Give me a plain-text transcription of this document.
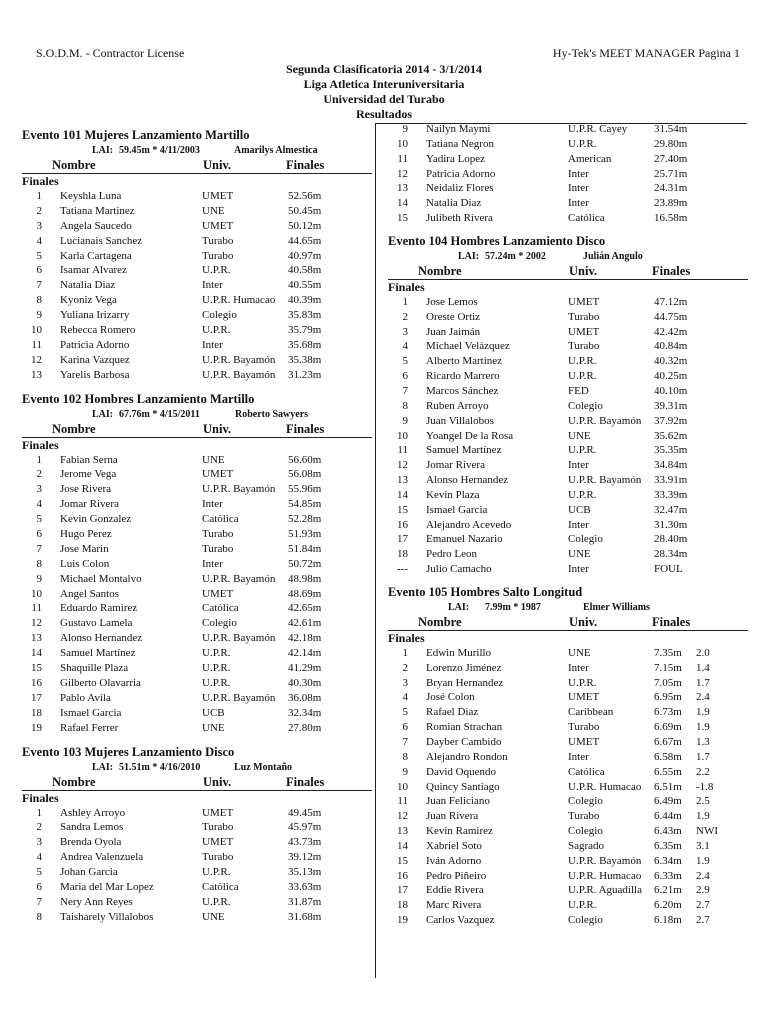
S.O.D.M. - Contractor License	Hy-Tek's MEET MANAGER Pagina 1
Segunda Clasificatoria 2014 - 3/1/2014
Liga Atletica Interuniversitaria
Universidad del Turabo
Resultados
Evento 101 Mujeres Lanzamiento Martillo
LAI: 59.45m * 4/11/2003	Amarilys Almestica
Nombre	Univ.	Finales
Finales
1 Keyshla Luna	UMET	52.56m
2 Tatiana Martinez	UNE	50.45m
3 Angela Saucedo	UMET	50.12m
4 Lucianais Sanchez	Turabo	44.65m
5 Karla Cartagena	Turabo	40.97m
6 Isamar Alvarez	U.P.R.	40.58m
7 Natalia Diaz	Inter	40.55m
8 Kyoniz Vega	U.P.R. Humacao 40.39m
9 Yuliana Irizarry	Colegio	35.83m
10 Rebecca Romero	U.P.R.	35.79m
11 Patricia Adorno	Inter	35.68m
12 Karina Vazquez	U.P.R. Bayamón 35.38m
13 Yarelis Barbosa	U.P.R. Bayamón 31.23m
Evento 102 Hombres Lanzamiento Martillo
LAI: 67.76m * 4/15/2011	Roberto Sawyers
Nombre	Univ.	Finales
Finales
1 Fabian Serna	UNE	56.60m
2 Jerome Vega	UMET	56.08m
3 Jose Rivera	U.P.R. Bayamón 55.96m
4 Jomar Rivera	Inter	54.85m
5 Kevin Gonzalez	Católica	52.28m
6 Hugo Perez	Turabo	51.93m
7 Jose Marin	Turabo	51.84m
8 Luis Colon	Inter	50.72m
9 Michael Montalvo	U.P.R. Bayamón 48.98m
10 Angel Santos	UMET	48.69m
11 Eduardo Ramirez	Católica	42.65m
12 Gustavo Lamela	Colegio	42.61m
13 Alonso Hernandez	U.P.R. Bayamón 42.18m
14 Samuel Martínez	U.P.R.	42.14m
15 Shaquille Plaza	U.P.R.	41.29m
16 Gilberto Olavarria	U.P.R.	40.30m
17 Pablo Avila	U.P.R. Bayamón 36.08m
18 Ismael Garcia	UCB	32.34m
19 Rafael Ferrer	UNE	27.80m
Evento 103 Mujeres Lanzamiento Disco
LAI: 51.51m * 4/16/2010	Luz Montaño
Nombre	Univ.	Finales
Finales
1 Ashley Arroyo	UMET	49.45m
2 Sandra Lemos	Turabo	45.97m
3 Brenda Oyola	UMET	43.73m
4 Andrea Valenzuela	Turabo	39.12m
5 Johan Garcia	U.P.R.	35.13m
6 Maria del Mar Lopez	Católica	33.63m
7 Nery Ann Reyes	U.P.R.	31.87m
8 Taisharely Villalobos	UNE	31.68m
9 Nailyn Maymi	U.P.R. Cayey 31.54m
10 Tatiana Negron	U.P.R.	29.80m
11 Yadira Lopez	American	27.40m
12 Patricia Adorno	Inter	25.71m
13 Neidaliz Flores	Inter	24.31m
14 Natalia Diaz	Inter	23.89m
15 Julibeth Rivera	Católica	16.58m
Evento 104 Hombres Lanzamiento Disco
LAI: 57.24m * 2002	Julián Angulo
Nombre	Univ.	Finales
Finales
1 Jose Lemos	UMET	47.12m
2 Oreste Ortiz	Turabo	44.75m
3 Juan Jaimán	UMET	42.42m
4 Michael Velázquez	Turabo	40.84m
5 Alberto Martinez	U.P.R.	40.32m
6 Ricardo Marrero	U.P.R.	40.25m
7 Marcos Sánchez	FED	40.10m
8 Ruben Arroyo	Colegio	39.31m
9 Juan Villalobos	U.P.R. Bayamón 37.92m
10 Yoangel De la Rosa	UNE	35.62m
11 Samuel Martínez	U.P.R.	35.35m
12 Jomar Rivera	Inter	34.84m
13 Alonso Hernandez	U.P.R. Bayamón 33.91m
14 Kevin Plaza	U.P.R.	33.39m
15 Ismael Garcia	UCB	32.47m
16 Alejandro Acevedo	Inter	31.30m
17 Emanuel Nazario	Colegio	28.40m
18 Pedro Leon	UNE	28.34m
--- Julio Camacho	Inter	FOUL
Evento 105 Hombres Salto Longitud
LAI: 7.99m * 1987	Elmer Williams
Nombre	Univ.	Finales
Finales
1 Edwin Murillo	UNE	7.35m 2.0
2 Lorenzo Jiménez	Inter	7.15m 1.4
3 Bryan Hernandez	U.P.R.	7.05m 1.7
4 José Colon	UMET	6.95m 2.4
5 Rafael Diaz	Caribbean	6.73m 1.9
6 Romian Strachan	Turabo	6.69m 1.9
7 Dayber Cambido	UMET	6.67m 1.3
8 Alejandro Rondon	Inter	6.58m 1.7
9 David Oquendo	Católica	6.55m 2.2
10 Quincy Santiago	U.P.R. Humacao 6.51m -1.8
11 Juan Feliciano	Colegio	6.49m 2.5
12 Juan Rivera	Turabo	6.44m 1.9
13 Kevin Ramirez	Colegio	6.43m NWI
14 Xabriel Soto	Sagrado	6.35m 3.1
15 Iván Adorno	U.P.R. Bayamón 6.34m 1.9
16 Pedro Piñeiro	U.P.R. Humacao 6.33m 2.4
17 Eddie Rivera	U.P.R. Aguadilla 6.21m 2.9
18 Marc Rivera	U.P.R.	6.20m 2.7
19 Carlos Vazquez	Colegio	6.18m 2.7
